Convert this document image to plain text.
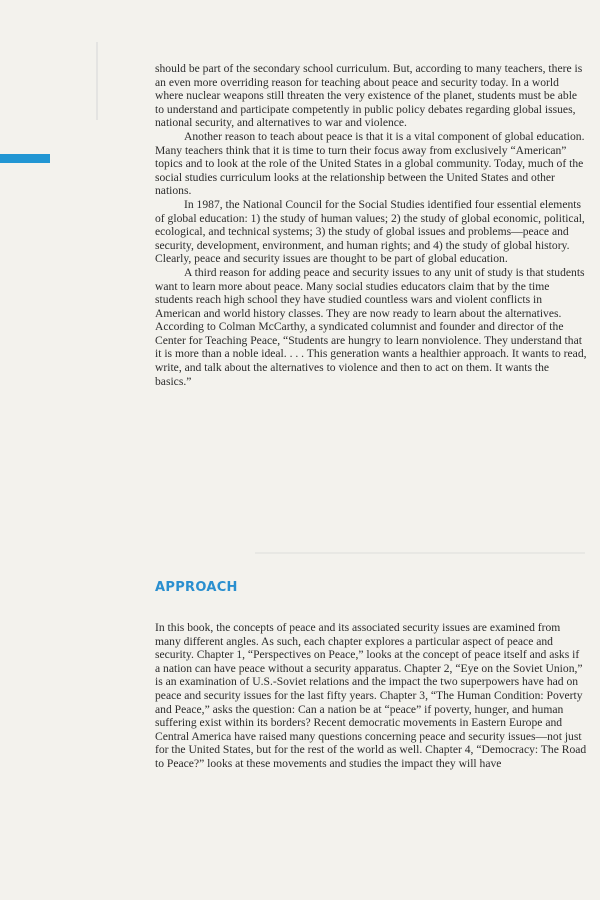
should be part of the secondary school curriculum. But, according to many teachers, there is an even more overriding reason for teaching about peace and security today. In a world where nuclear weapons still threaten the very existence of the planet, students must be able to understand and participate competently in public policy debates regarding global issues, national security, and alternatives to war and violence.

Another reason to teach about peace is that it is a vital component of global education. Many teachers think that it is time to turn their focus away from exclusively “American” topics and to look at the role of the United States in a global community. Today, much of the social studies curriculum looks at the relationship between the United States and other nations.

In 1987, the National Council for the Social Studies identified four essential elements of global education: 1) the study of human values; 2) the study of global economic, political, ecological, and technical systems; 3) the study of global issues and problems—peace and security, development, environment, and human rights; and 4) the study of global history. Clearly, peace and security issues are thought to be part of global education.

A third reason for adding peace and security issues to any unit of study is that students want to learn more about peace. Many social studies educators claim that by the time students reach high school they have studied countless wars and violent conflicts in American and world history classes. They are now ready to learn about the alternatives. According to Colman McCarthy, a syndicated columnist and founder and director of the Center for Teaching Peace, “Students are hungry to learn nonviolence. They understand that it is more than a noble ideal. . . . This generation wants a healthier approach. It wants to read, write, and talk about the alternatives to violence and then to act on them. It wants the basics.”

APPROACH

In this book, the concepts of peace and its associated security issues are examined from many different angles. As such, each chapter explores a particular aspect of peace and security. Chapter 1, “Perspectives on Peace,” looks at the concept of peace itself and asks if a nation can have peace without a security apparatus. Chapter 2, “Eye on the Soviet Union,” is an examination of U.S.-Soviet relations and the impact the two superpowers have had on peace and security issues for the last fifty years. Chapter 3, “The Human Condition: Poverty and Peace,” asks the question: Can a nation be at “peace” if poverty, hunger, and human suffering exist within its borders? Recent democratic movements in Eastern Europe and Central America have raised many questions concerning peace and security issues—not just for the United States, but for the rest of the world as well. Chapter 4, “Democracy: The Road to Peace?” looks at these movements and studies the impact they will have
